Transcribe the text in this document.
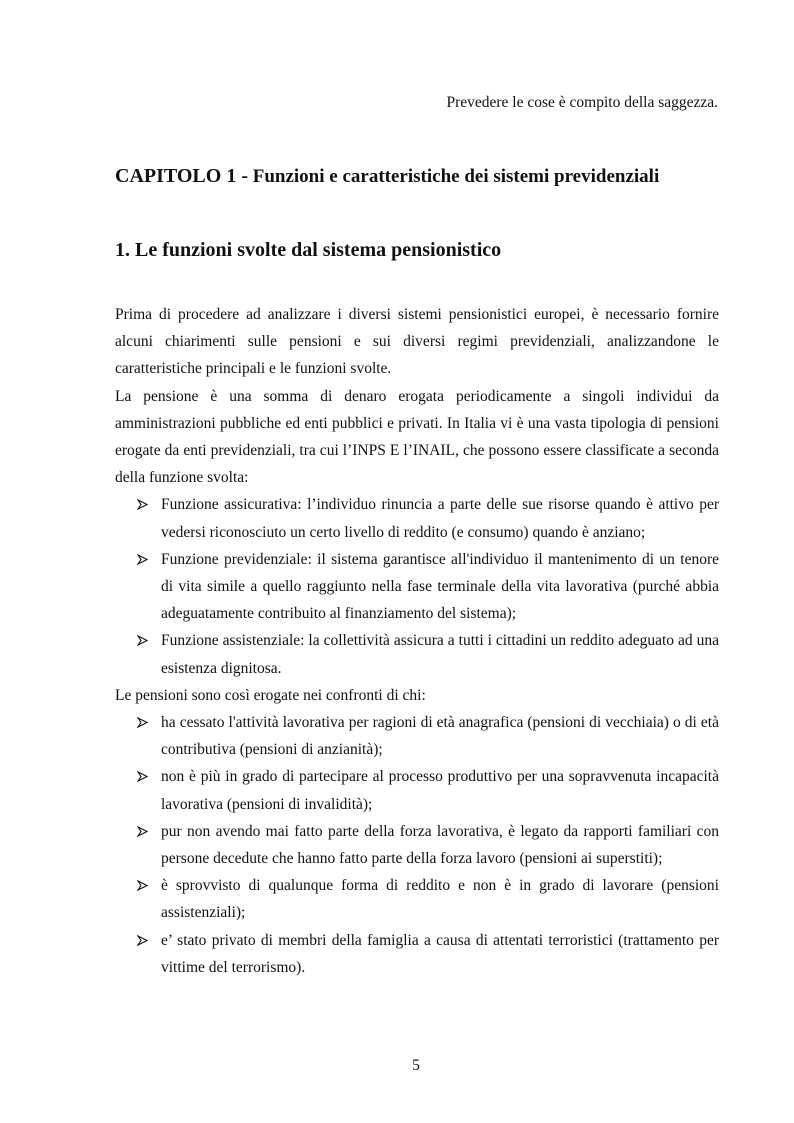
Prevedere le cose è compito della saggezza.
CAPITOLO 1 - Funzioni e caratteristiche dei sistemi previdenziali
1. Le funzioni svolte dal sistema pensionistico

Prima di procedere ad analizzare i diversi sistemi pensionistici europei, è necessario fornire alcuni chiarimenti sulle pensioni e sui diversi regimi previdenziali, analizzandone le caratteristiche principali e le funzioni svolte.

La pensione è una somma di denaro erogata periodicamente a singoli individui da amministrazioni pubbliche ed enti pubblici e privati. In Italia vi è una vasta tipologia di pensioni erogate da enti previdenziali, tra cui l’INPS E l’INAIL, che possono essere classificate a seconda della funzione svolta:

Funzione assicurativa: l’individuo rinuncia a parte delle sue risorse quando è attivo per vedersi riconosciuto un certo livello di reddito (e consumo) quando è anziano;
Funzione previdenziale: il sistema garantisce all'individuo il mantenimento di un tenore di vita simile a quello raggiunto nella fase terminale della vita lavorativa (purché abbia adeguatamente contribuito al finanziamento del sistema);
Funzione assistenziale: la collettività assicura a tutti i cittadini un reddito adeguato ad una esistenza dignitosa.

Le pensioni sono così erogate nei confronti di chi:

ha cessato l'attività lavorativa per ragioni di età anagrafica (pensioni di vecchiaia) o di età contributiva (pensioni di anzianità);
non è più in grado di partecipare al processo produttivo per una sopravvenuta incapacità lavorativa (pensioni di invalidità);
pur non avendo mai fatto parte della forza lavorativa, è legato da rapporti familiari con persone decedute che hanno fatto parte della forza lavoro (pensioni ai superstiti);
è sprovvisto di qualunque forma di reddito e non è in grado di lavorare (pensioni assistenziali);
e’ stato privato di membri della famiglia a causa di attentati terroristici (trattamento per vittime del terrorismo).
5
